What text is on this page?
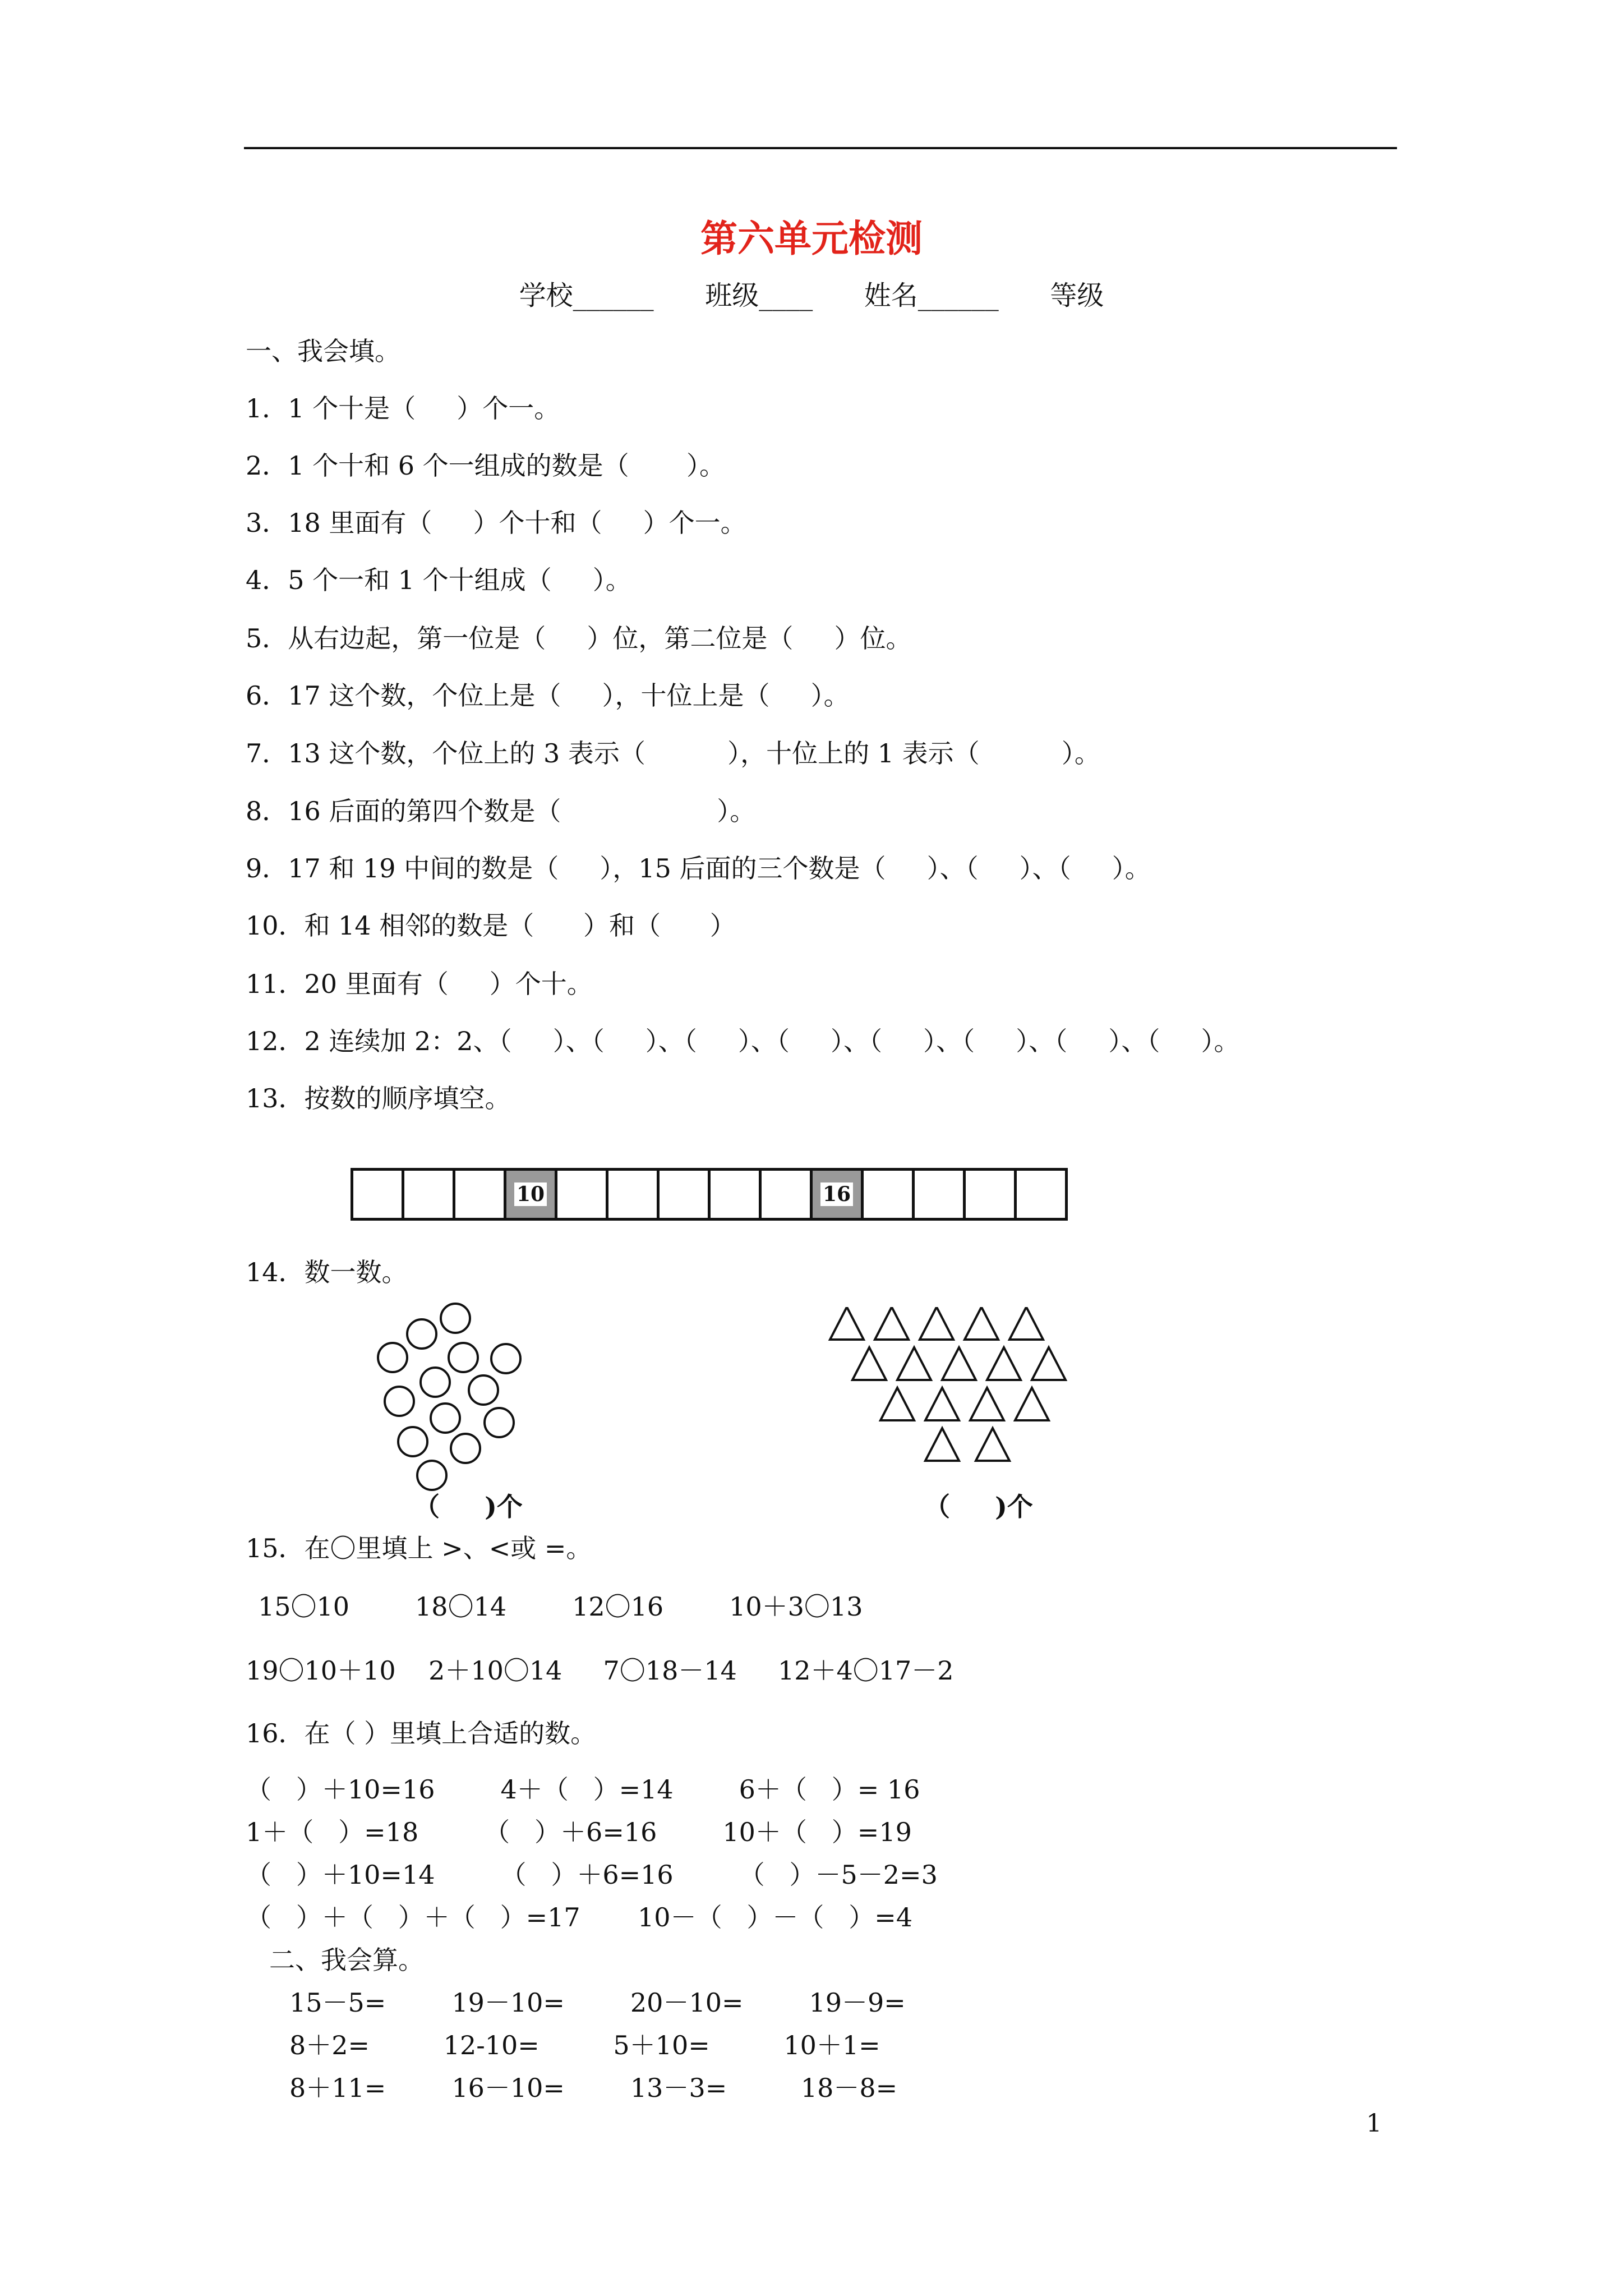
第六单元检测
学校______      班级____      姓名______      等级
一、我会填。
1．1 个十是（     ）个一。
2．1 个十和 6 个一组成的数是（       ）。
3．18 里面有（     ）个十和（     ）个一。
4．5 个一和 1 个十组成（     ）。
5．从右边起，第一位是（     ）位，第二位是（     ）位。
6．17 这个数，个位上是（     ），十位上是（     ）。
7．13 这个数，个位上的 3 表示（          ），十位上的 1 表示（          ）。
8．16 后面的第四个数是（                   ）。
9．17 和 19 中间的数是（     ），15 后面的三个数是（     ）、（     ）、（     ）。
10．和 14 相邻的数是（      ）和（      ）
11．20 里面有（     ）个十。
12．2 连续加 2：2、（     ）、（     ）、（     ）、（     ）、（     ）、（     ）、（     ）、（     ）。
13．按数的顺序填空。
10	16
14．数一数。
（     )个	（     )个
15．在〇里填上 >、<或 =。
15〇10        18〇14        12〇16        10＋3〇13
19〇10＋10    2＋10〇14     7〇18－14     12＋4〇17－2
16．在（ ）里填上合适的数。
（   ）＋10=16        4＋（   ）=14        6＋（   ）= 16
1＋（   ）=18        （   ）＋6=16        10＋（   ）=19
（   ）＋10=14        （   ）＋6=16        （   ）－5－2=3
（   ）＋（   ）＋（   ）=17       10－（   ）－（   ）=4
二、我会算。
15－5=        19－10=        20－10=        19－9=
8＋2=         12-10=         5＋10=         10＋1=
8＋11=        16－10=        13－3=         18－8=
1
